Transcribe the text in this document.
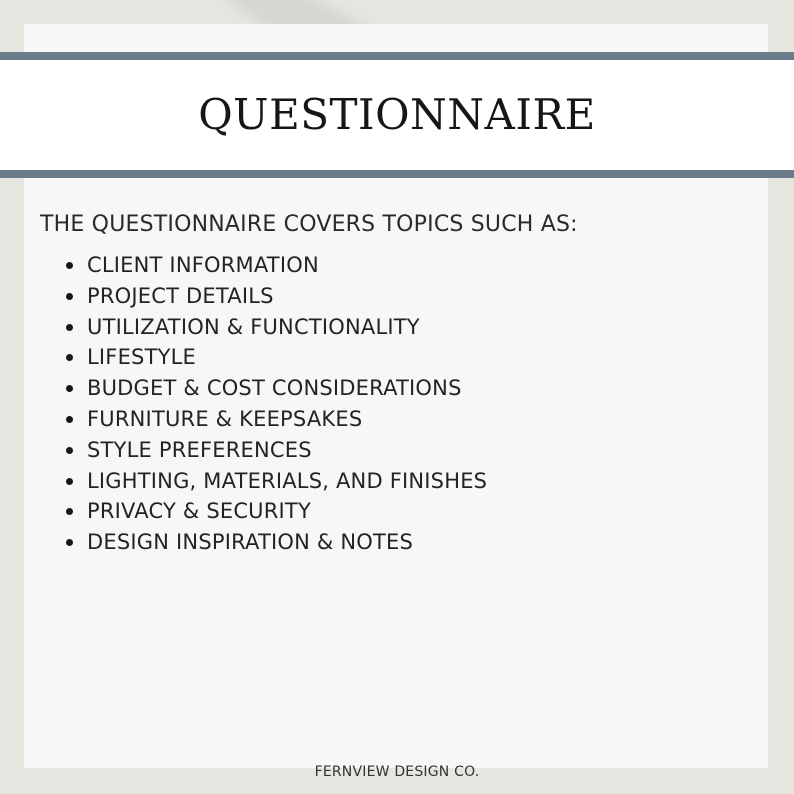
QUESTIONNAIRE
THE QUESTIONNAIRE COVERS TOPICS SUCH AS:
CLIENT INFORMATION
PROJECT DETAILS
UTILIZATION & FUNCTIONALITY
LIFESTYLE
BUDGET & COST CONSIDERATIONS
FURNITURE & KEEPSAKES
STYLE PREFERENCES
LIGHTING, MATERIALS, AND FINISHES
PRIVACY & SECURITY
DESIGN INSPIRATION & NOTES
FERNVIEW DESIGN CO.
